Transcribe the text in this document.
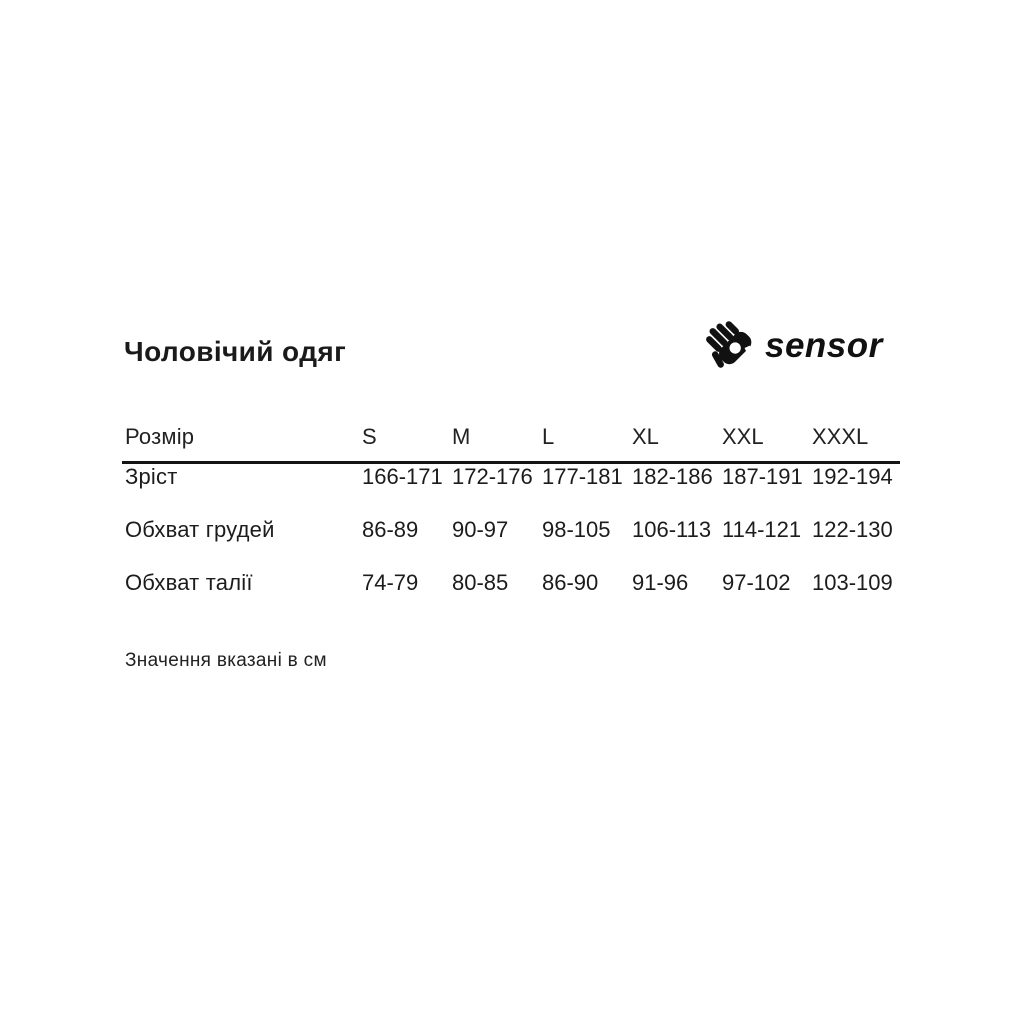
Чоловічий одяг	sensor
Розмір	S	M	L	XL	XXL	XXXL
Зріст	166-171 172-176 177-181 182-186 187-191 192-194
Обхват грудей	86-89	90-97	98-105 106-113 114-121 122-130
Обхват талії	74-79	80-85	86-90	91-96	97-102 103-109
Значення вказані в см
